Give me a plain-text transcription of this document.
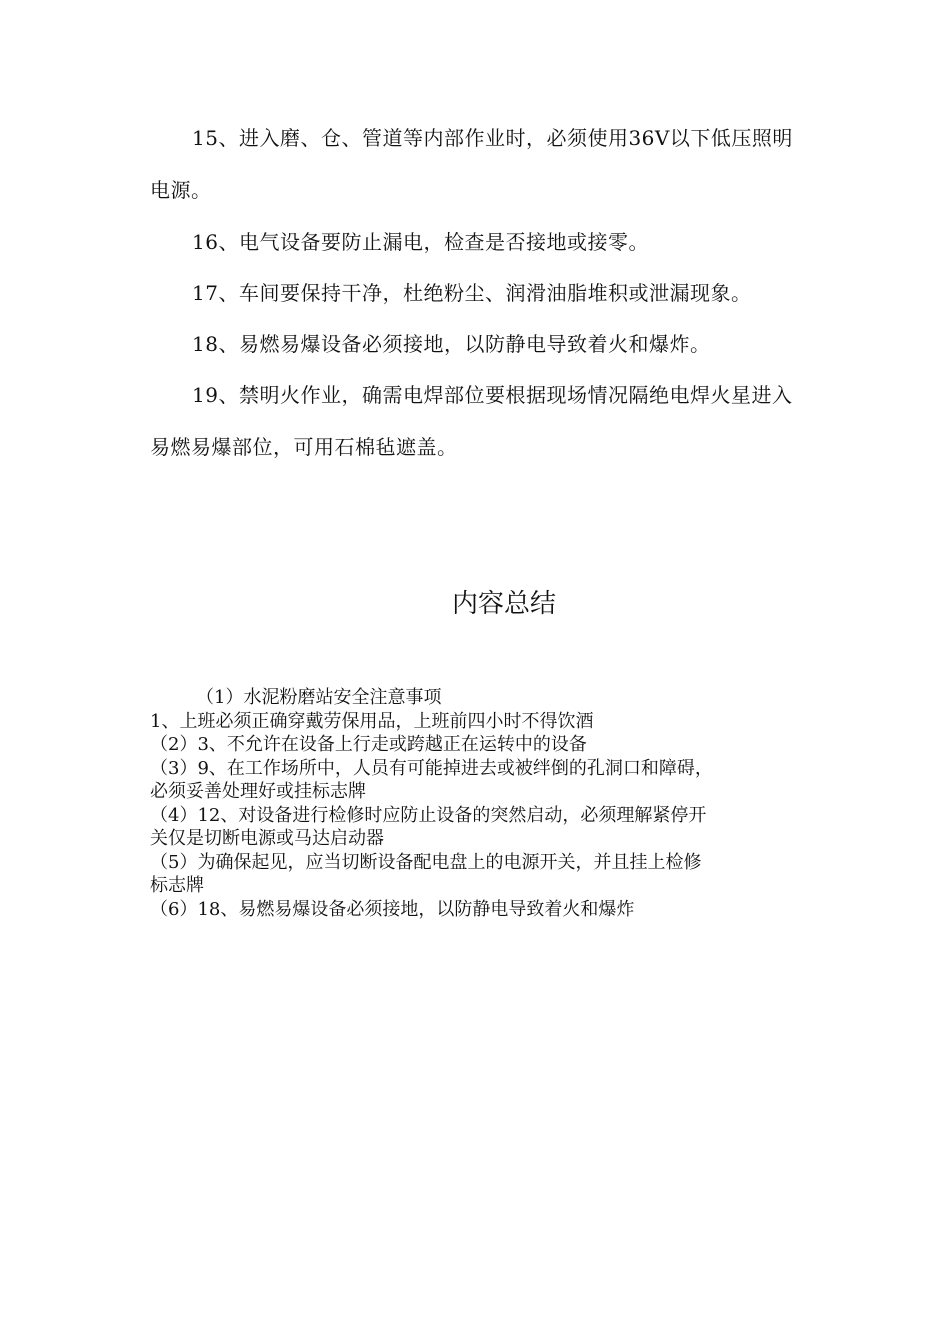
15、进入磨、仓、管道等内部作业时，必须使用36V以下低压照明电源。

16、电气设备要防止漏电，检查是否接地或接零。

17、车间要保持干净，杜绝粉尘、润滑油脂堆积或泄漏现象。

18、易燃易爆设备必须接地，以防静电导致着火和爆炸。

19、禁明火作业，确需电焊部位要根据现场情况隔绝电焊火星进入易燃易爆部位，可用石棉毡遮盖。

内容总结
（1）水泥粉磨站安全注意事项
1、上班必须正确穿戴劳保用品，上班前四小时不得饮酒
（2）3、不允许在设备上行走或跨越正在运转中的设备
（3）9、在工作场所中，人员有可能掉进去或被绊倒的孔洞口和障碍，
必须妥善处理好或挂标志牌
（4）12、对设备进行检修时应防止设备的突然启动，必须理解紧停开
关仅是切断电源或马达启动器
（5）为确保起见，应当切断设备配电盘上的电源开关，并且挂上检修
标志牌
（6）18、易燃易爆设备必须接地，以防静电导致着火和爆炸
